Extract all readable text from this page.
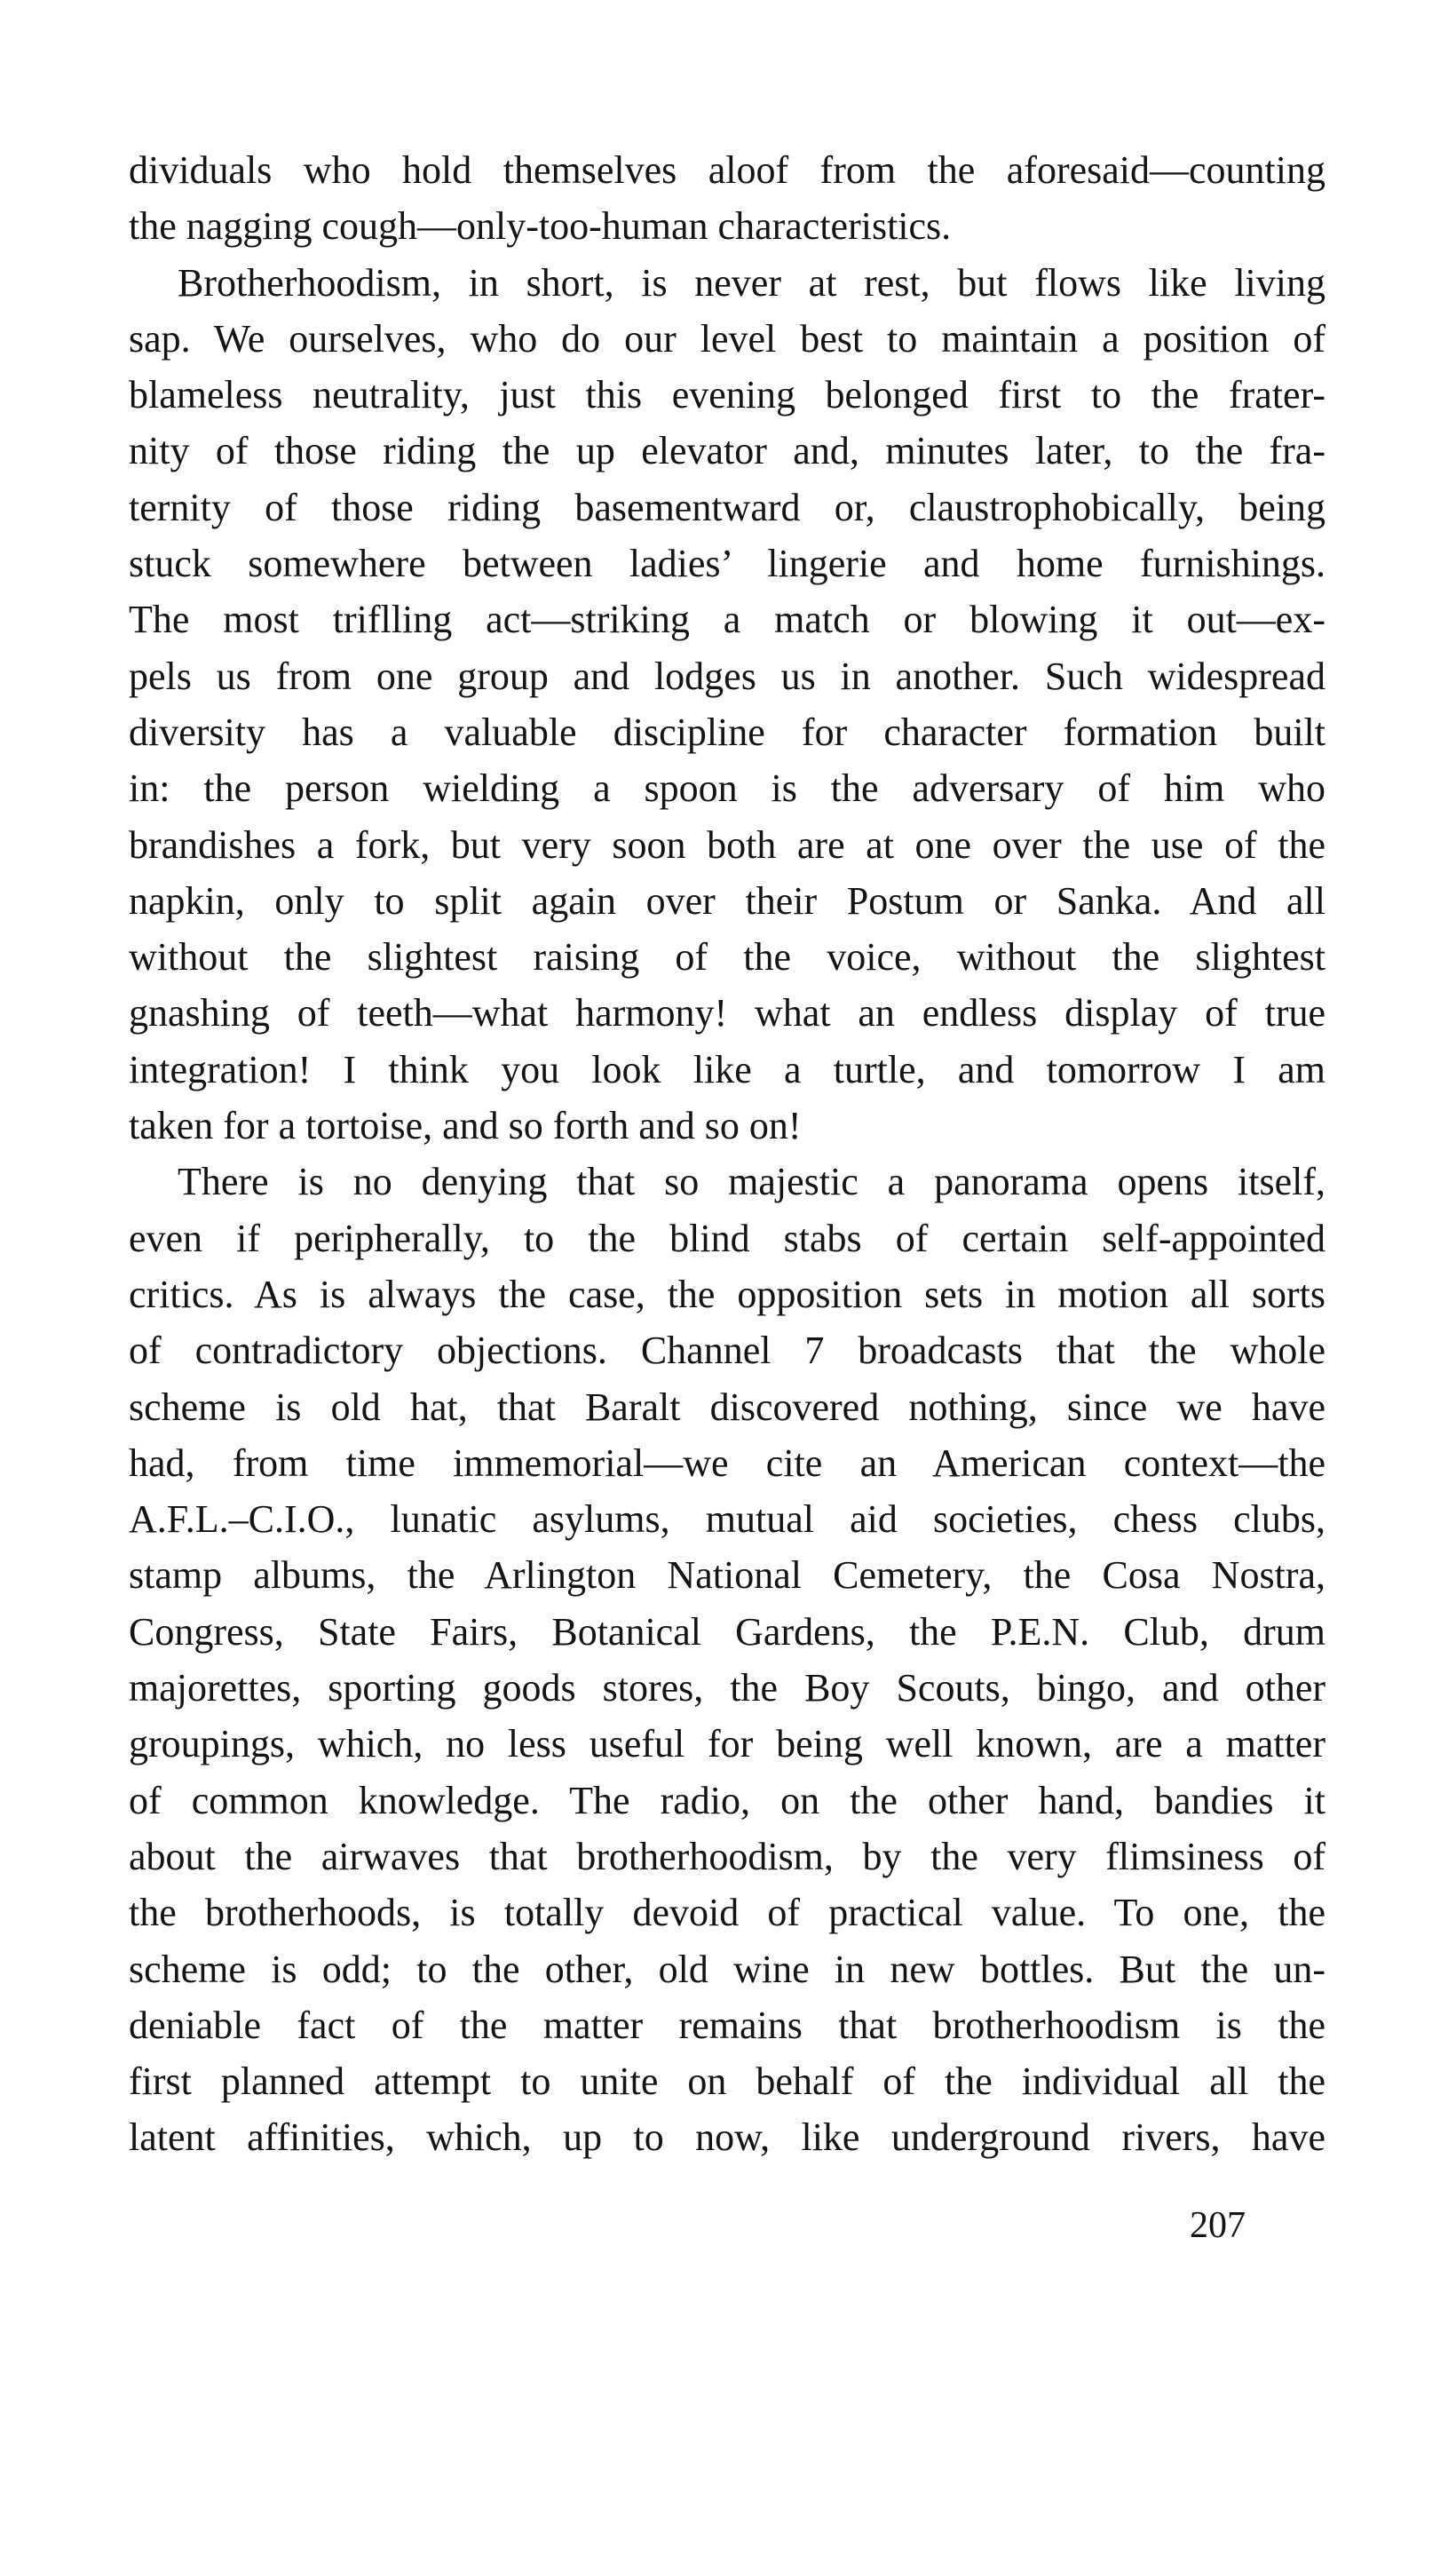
dividuals who hold themselves aloof from the aforesaid—counting
the nagging cough—only-too-human characteristics.
Brotherhoodism, in short, is never at rest, but flows like living
sap. We ourselves, who do our level best to maintain a position of
blameless neutrality, just this evening belonged first to the frater-
nity of those riding the up elevator and, minutes later, to the fra-
ternity of those riding basementward or, claustrophobically, being
stuck somewhere between ladies’ lingerie and home furnishings.
The most triflling act—striking a match or blowing it out—ex-
pels us from one group and lodges us in another. Such widespread
diversity has a valuable discipline for character formation built
in: the person wielding a spoon is the adversary of him who
brandishes a fork, but very soon both are at one over the use of the
napkin, only to split again over their Postum or Sanka. And all
without the slightest raising of the voice, without the slightest
gnashing of teeth—what harmony! what an endless display of true
integration! I think you look like a turtle, and tomorrow I am
taken for a tortoise, and so forth and so on!
There is no denying that so majestic a panorama opens itself,
even if peripherally, to the blind stabs of certain self-appointed
critics. As is always the case, the opposition sets in motion all sorts
of contradictory objections. Channel 7 broadcasts that the whole
scheme is old hat, that Baralt discovered nothing, since we have
had, from time immemorial—we cite an American context—the
A.F.L.–C.I.O., lunatic asylums, mutual aid societies, chess clubs,
stamp albums, the Arlington National Cemetery, the Cosa Nostra,
Congress, State Fairs, Botanical Gardens, the P.E.N. Club, drum
majorettes, sporting goods stores, the Boy Scouts, bingo, and other
groupings, which, no less useful for being well known, are a matter
of common knowledge. The radio, on the other hand, bandies it
about the airwaves that brotherhoodism, by the very flimsiness of
the brotherhoods, is totally devoid of practical value. To one, the
scheme is odd; to the other, old wine in new bottles. But the un-
deniable fact of the matter remains that brotherhoodism is the
first planned attempt to unite on behalf of the individual all the
latent affinities, which, up to now, like underground rivers, have
207
